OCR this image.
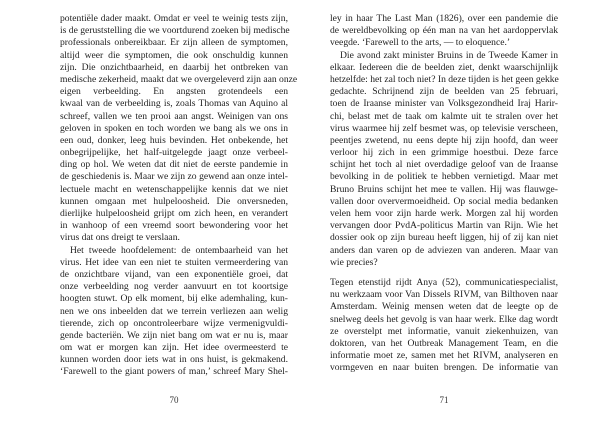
potentiële dader maakt. Omdat er veel te weinig tests zijn,
is de geruststelling die we voortdurend zoeken bij medische
professionals onbereikbaar. Er zijn alleen de symptomen,
altijd weer die symptomen, die ook onschuldig kunnen
zijn. Die onzichtbaarheid, en daarbij het ontbreken van
medische zekerheid, maakt dat we overgeleverd zijn aan onze
eigen verbeelding. En angsten grotendeels een
kwaal van de verbeelding is, zoals Thomas van Aquino al
schreef, vallen we ten prooi aan angst. Weinigen van ons
geloven in spoken en toch worden we bang als we ons in
een oud, donker, leeg huis bevinden. Het onbekende, het
onbegrijpelijke, het half-uitgelegde jaagt onze verbeel-
ding op hol. We weten dat dit niet de eerste pandemie in
de geschiedenis is. Maar we zijn zo gewend aan onze intel-
lectuele macht en wetenschappelijke kennis dat we niet
kunnen omgaan met hulpeloosheid. Die onversneden,
dierlijke hulpeloosheid grijpt om zich heen, en verandert
in wanhoop of een vreemd soort bewondering voor het
virus dat ons dreigt te verslaan.
Het tweede hoofdelement: de ontembaarheid van het
virus. Het idee van een niet te stuiten vermeerdering van
de onzichtbare vijand, van een exponentiële groei, dat
onze verbeelding nog verder aanvuurt en tot koortsige
hoogten stuwt. Op elk moment, bij elke ademhaling, kun-
nen we ons inbeelden dat we terrein verliezen aan welig
tierende, zich op oncontroleerbare wijze vermenigvuldi-
gende bacteriën. We zijn niet bang om wat er nu is, maar
om wat er morgen kan zijn. Het idee overmeesterd te
kunnen worden door iets wat in ons huist, is gekmakend.
‘Farewell to the giant powers of man,’ schreef Mary Shel-
70
ley in haar The Last Man (1826), over een pandemie die
de wereldbevolking op één man na van het aardoppervlak
veegde. ‘Farewell to the arts, — to eloquence.’
Die avond zakt minister Bruins in de Tweede Kamer in
elkaar. Iedereen die de beelden ziet, denkt waarschijnlijk
hetzelfde: het zal toch niet? In deze tijden is het geen gekke
gedachte. Schrijnend zijn de beelden van 25 februari,
toen de Iraanse minister van Volksgezondheid Iraj Harir-
chi, belast met de taak om kalmte uit te stralen over het
virus waarmee hij zelf besmet was, op televisie verscheen,
peentjes zwetend, nu eens depte hij zijn hoofd, dan weer
verloor hij zich in een grimmige hoestbui. Deze farce
schijnt het toch al niet overdadige geloof van de Iraanse
bevolking in de politiek te hebben vernietigd. Maar met
Bruno Bruins schijnt het mee te vallen. Hij was flauwge-
vallen door oververmoeidheid. Op social media bedanken
velen hem voor zijn harde werk. Morgen zal hij worden
vervangen door PvdA-politicus Martin van Rijn. Wie het
dossier ook op zijn bureau heeft liggen, hij of zij kan niet
anders dan varen op de adviezen van anderen. Maar van
wie precies?
Tegen etenstijd rijdt Anya (52), communicatiespecialist,
nu werkzaam voor Van Dissels RIVM, van Bilthoven naar
Amsterdam. Weinig mensen weten dat de leegte op de
snelweg deels het gevolg is van haar werk. Elke dag wordt
ze overstelpt met informatie, vanuit ziekenhuizen, van
doktoren, van het Outbreak Management Team, en die
informatie moet ze, samen met het RIVM, analyseren en
vormgeven en naar buiten brengen. De informatie van
71
